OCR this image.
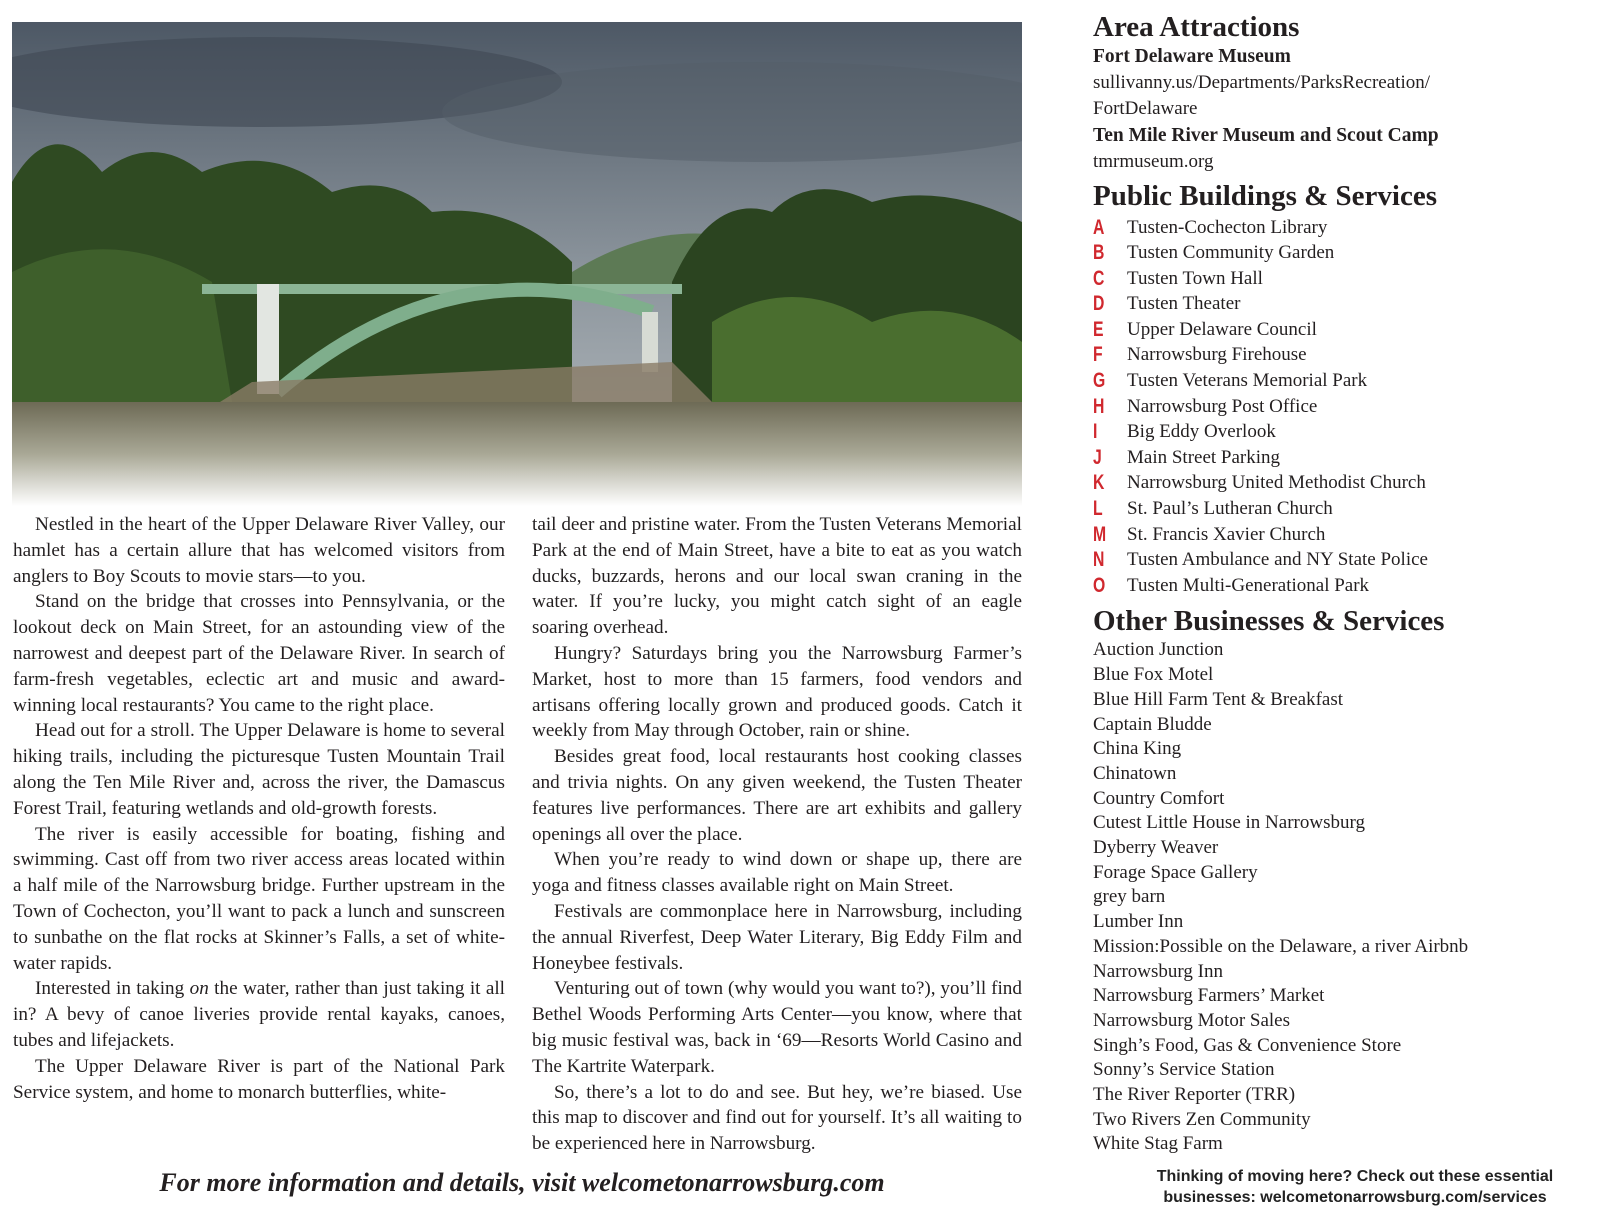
Nestled in the heart of the Upper Delaware River Valley, our hamlet has a certain allure that has welcomed visitors from anglers to Boy Scouts to movie stars—to you.

Stand on the bridge that crosses into Pennsylvania, or the lookout deck on Main Street, for an astounding view of the narrowest and deepest part of the Delaware River. In search of farm-fresh vegetables, eclectic art and music and award-winning local restaurants? You came to the right place.

Head out for a stroll. The Upper Delaware is home to several hiking trails, including the picturesque Tusten Mountain Trail along the Ten Mile River and, across the river, the Damascus Forest Trail, featuring wetlands and old-growth forests.

The river is easily accessible for boating, fishing and swimming. Cast off from two river access areas located within a half mile of the Narrowsburg bridge. Further upstream in the Town of Cochecton, you’ll want to pack a lunch and sunscreen to sunbathe on the flat rocks at Skinner’s Falls, a set of white-water rapids.

Interested in taking on the water, rather than just taking it all in? A bevy of canoe liveries provide rental kayaks, canoes, tubes and lifejackets.

The Upper Delaware River is part of the National Park Service system, and home to monarch butterflies, white-

tail deer and pristine water. From the Tusten Veterans Memorial Park at the end of Main Street, have a bite to eat as you watch ducks, buzzards, herons and our local swan craning in the water. If you’re lucky, you might catch sight of an eagle soaring overhead.

Hungry? Saturdays bring you the Narrowsburg Farmer’s Market, host to more than 15 farmers, food vendors and artisans offering locally grown and produced goods. Catch it weekly from May through October, rain or shine.

Besides great food, local restaurants host cooking classes and trivia nights. On any given weekend, the Tusten Theater features live performances. There are art exhibits and gallery openings all over the place.

When you’re ready to wind down or shape up, there are yoga and fitness classes available right on Main Street.

Festivals are commonplace here in Narrowsburg, including the annual Riverfest, Deep Water Literary, Big Eddy Film and Honeybee festivals.

Venturing out of town (why would you want to?), you’ll find Bethel Woods Performing Arts Center—you know, where that big music festival was, back in ‘69—Resorts World Casino and The Kartrite Waterpark.

So, there’s a lot to do and see. But hey, we’re biased. Use this map to discover and find out for yourself. It’s all waiting to be experienced here in Narrowsburg.

For more information and details, visit welcometonarrowsburg.com
Area Attractions
Fort Delaware Museum
sullivanny.us/Departments/ParksRecreation/
FortDelaware
Ten Mile River Museum and Scout Camp
tmrmuseum.org
Public Buildings & Services
A	Tusten-Cochecton Library
B	Tusten Community Garden
C	Tusten Town Hall
D	Tusten Theater
E	Upper Delaware Council
F	Narrowsburg Firehouse
G	Tusten Veterans Memorial Park
H	Narrowsburg Post Office
I	Big Eddy Overlook
J	Main Street Parking
K	Narrowsburg United Methodist Church
L	St. Paul’s Lutheran Church
M	St. Francis Xavier Church
N	Tusten Ambulance and NY State Police
O	Tusten Multi-Generational Park
Other Businesses & Services
Auction Junction
Blue Fox Motel
Blue Hill Farm Tent & Breakfast
Captain Bludde
China King
Chinatown
Country Comfort
Cutest Little House in Narrowsburg
Dyberry Weaver
Forage Space Gallery
grey barn
Lumber Inn
Mission:Possible on the Delaware, a river Airbnb
Narrowsburg Inn
Narrowsburg Farmers’ Market
Narrowsburg Motor Sales
Singh’s Food, Gas & Convenience Store
Sonny’s Service Station
The River Reporter (TRR)
Two Rivers Zen Community
White Stag Farm
Thinking of moving here? Check out these essential
businesses: welcometonarrowsburg.com/services
